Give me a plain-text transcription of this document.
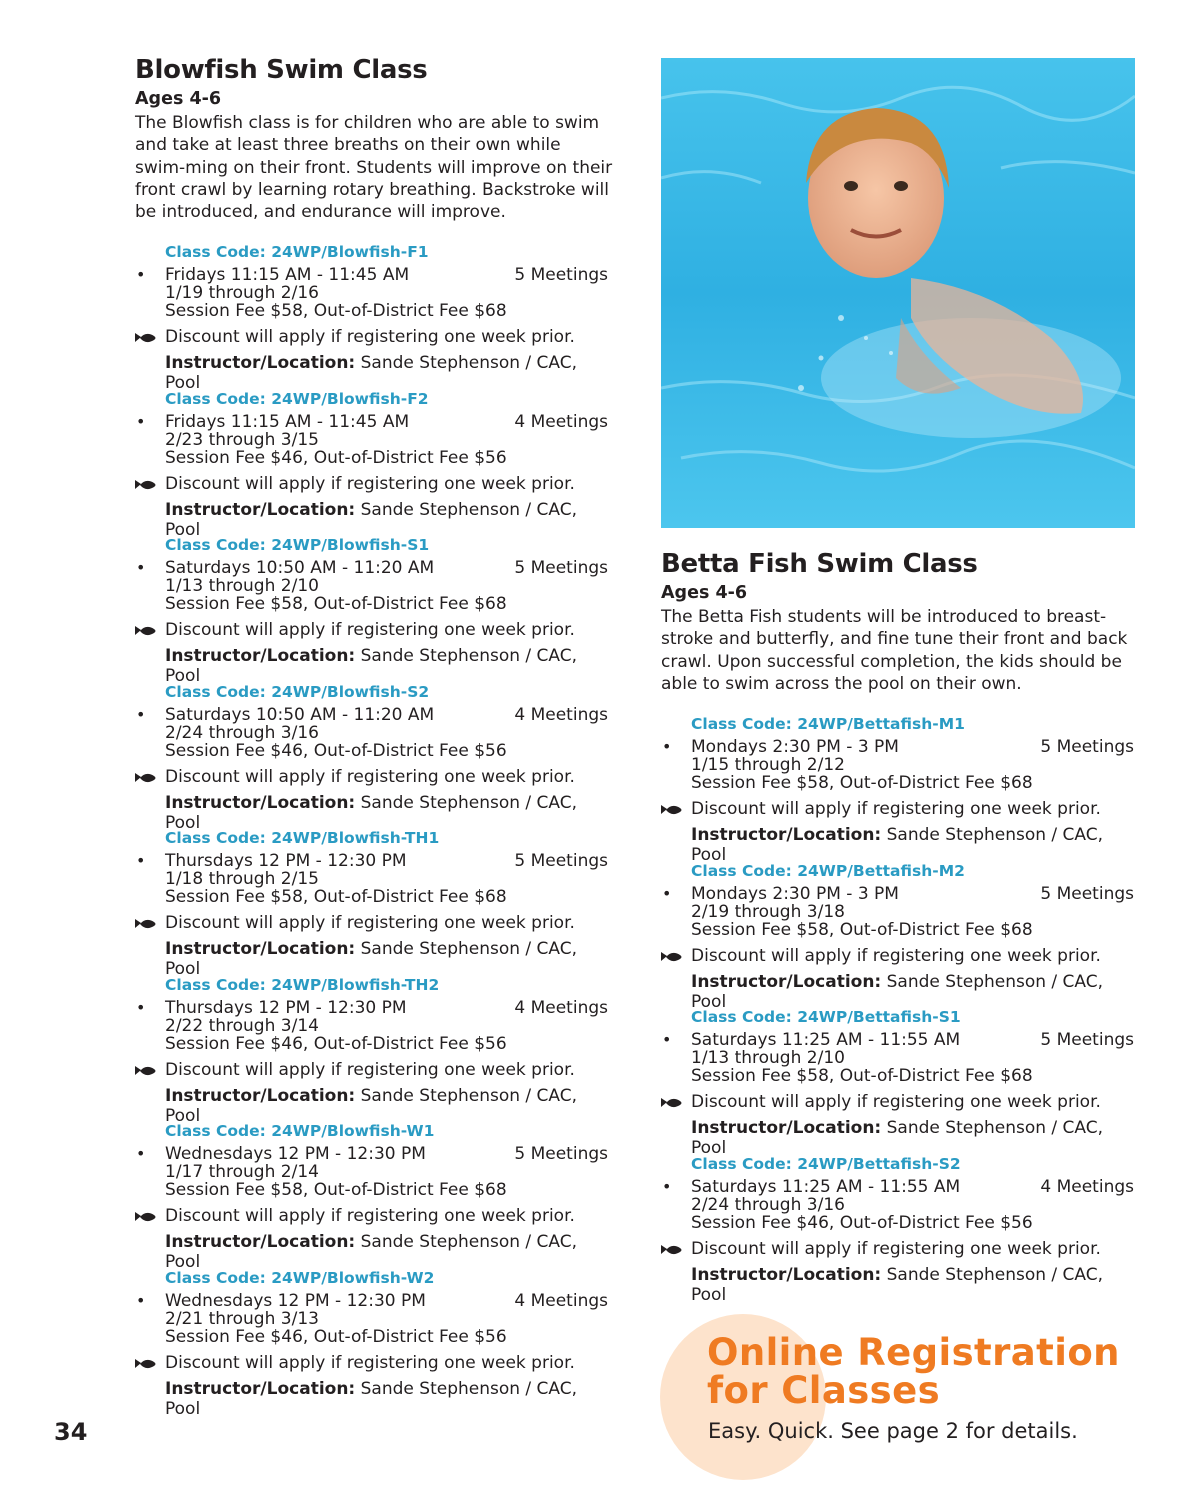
Blowfish Swim Class
Ages 4-6

The Blowfish class is for children who are able to swim and take at least three breaths on their own while swim-ming on their front. Students will improve on their front crawl by learning rotary breathing. Backstroke will be introduced, and endurance will improve.

Class Code: 24WP/Blowfish-F1
• Fridays 11:15 AM - 11:45 AM	5 Meetings
1/19 through 2/16
Session Fee $58, Out-of-District Fee $68
Discount will apply if registering one week prior.
Instructor/Location: Sande Stephenson / CAC, Pool
Class Code: 24WP/Blowfish-F2
• Fridays 11:15 AM - 11:45 AM	4 Meetings
2/23 through 3/15
Session Fee $46, Out-of-District Fee $56
Discount will apply if registering one week prior.
Instructor/Location: Sande Stephenson / CAC, Pool
Class Code: 24WP/Blowfish-S1
• Saturdays 10:50 AM - 11:20 AM	5 Meetings
1/13 through 2/10
Session Fee $58, Out-of-District Fee $68
Discount will apply if registering one week prior.
Instructor/Location: Sande Stephenson / CAC, Pool
Class Code: 24WP/Blowfish-S2
• Saturdays 10:50 AM - 11:20 AM	4 Meetings
2/24 through 3/16
Session Fee $46, Out-of-District Fee $56
Discount will apply if registering one week prior.
Instructor/Location: Sande Stephenson / CAC, Pool
Class Code: 24WP/Blowfish-TH1
• Thursdays 12 PM - 12:30 PM	5 Meetings
1/18 through 2/15
Session Fee $58, Out-of-District Fee $68
Discount will apply if registering one week prior.
Instructor/Location: Sande Stephenson / CAC, Pool
Class Code: 24WP/Blowfish-TH2
• Thursdays 12 PM - 12:30 PM	4 Meetings
2/22 through 3/14
Session Fee $46, Out-of-District Fee $56
Discount will apply if registering one week prior.
Instructor/Location: Sande Stephenson / CAC, Pool
Class Code: 24WP/Blowfish-W1
• Wednesdays 12 PM - 12:30 PM	5 Meetings
1/17 through 2/14
Session Fee $58, Out-of-District Fee $68
Discount will apply if registering one week prior.
Instructor/Location: Sande Stephenson / CAC, Pool
Class Code: 24WP/Blowfish-W2
• Wednesdays 12 PM - 12:30 PM	4 Meetings
2/21 through 3/13
Session Fee $46, Out-of-District Fee $56
Discount will apply if registering one week prior.
Instructor/Location: Sande Stephenson / CAC, Pool
Betta Fish Swim Class
Ages 4-6

The Betta Fish students will be introduced to breast-stroke and butterfly, and fine tune their front and back crawl. Upon successful completion, the kids should be able to swim across the pool on their own.

Class Code: 24WP/Bettafish-M1
• Mondays 2:30 PM - 3 PM	5 Meetings
1/15 through 2/12
Session Fee $58, Out-of-District Fee $68
Discount will apply if registering one week prior.
Instructor/Location: Sande Stephenson / CAC, Pool
Class Code: 24WP/Bettafish-M2
• Mondays 2:30 PM - 3 PM	5 Meetings
2/19 through 3/18
Session Fee $58, Out-of-District Fee $68
Discount will apply if registering one week prior.
Instructor/Location: Sande Stephenson / CAC, Pool
Class Code: 24WP/Bettafish-S1
• Saturdays 11:25 AM - 11:55 AM	5 Meetings
1/13 through 2/10
Session Fee $58, Out-of-District Fee $68
Discount will apply if registering one week prior.
Instructor/Location: Sande Stephenson / CAC, Pool
Class Code: 24WP/Bettafish-S2
• Saturdays 11:25 AM - 11:55 AM	4 Meetings
2/24 through 3/16
Session Fee $46, Out-of-District Fee $56
Discount will apply if registering one week prior.
Instructor/Location: Sande Stephenson / CAC, Pool
34
Online Registration
for Classes
Easy. Quick. See page 2 for details.
